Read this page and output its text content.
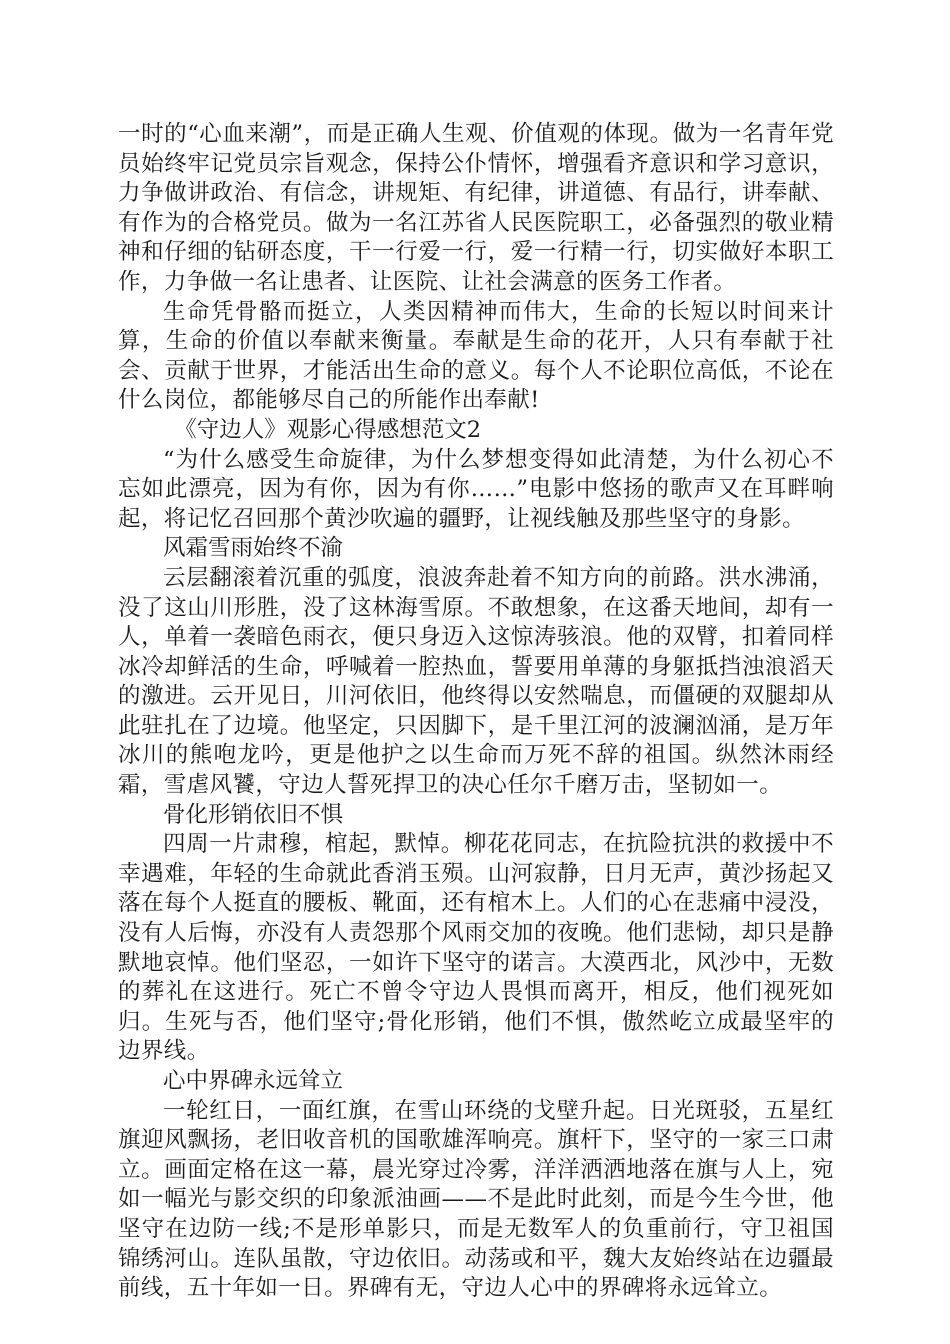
一时的“心血来潮”，而是正确人生观、价值观的体现。做为一名青年党员始终牢记党员宗旨观念，保持公仆情怀，增强看齐意识和学习意识，力争做讲政治、有信念，讲规矩、有纪律，讲道德、有品行，讲奉献、有作为的合格党员。做为一名江苏省人民医院职工，必备强烈的敬业精神和仔细的钻研态度，干一行爱一行，爱一行精一行，切实做好本职工作，力争做一名让患者、让医院、让社会满意的医务工作者。

生命凭骨骼而挺立，人类因精神而伟大，生命的长短以时间来计算，生命的价值以奉献来衡量。奉献是生命的花开，人只有奉献于社会、贡献于世界，才能活出生命的意义。每个人不论职位高低，不论在什么岗位，都能够尽自己的所能作出奉献!

《守边人》观影心得感想范文2

“为什么感受生命旋律，为什么梦想变得如此清楚，为什么初心不忘如此漂亮，因为有你，因为有你……”电影中悠扬的歌声又在耳畔响起，将记忆召回那个黄沙吹遍的疆野，让视线触及那些坚守的身影。

风霜雪雨始终不渝

云层翻滚着沉重的弧度，浪波奔赴着不知方向的前路。洪水沸涌，没了这山川形胜，没了这林海雪原。不敢想象，在这番天地间，却有一人，单着一袭暗色雨衣，便只身迈入这惊涛骇浪。他的双臂，扣着同样冰冷却鲜活的生命，呼喊着一腔热血，誓要用单薄的身躯抵挡浊浪滔天的激进。云开见日，川河依旧，他终得以安然喘息，而僵硬的双腿却从此驻扎在了边境。他坚定，只因脚下，是千里江河的波澜汹涌，是万年冰川的熊咆龙吟，更是他护之以生命而万死不辞的祖国。纵然沐雨经霜，雪虐风饕，守边人誓死捍卫的决心任尔千磨万击，坚韧如一。

骨化形销依旧不惧

四周一片肃穆，棺起，默悼。柳花花同志，在抗险抗洪的救援中不幸遇难，年轻的生命就此香消玉殒。山河寂静，日月无声，黄沙扬起又落在每个人挺直的腰板、靴面，还有棺木上。人们的心在悲痛中浸没，没有人后悔，亦没有人责怨那个风雨交加的夜晚。他们悲恸，却只是静默地哀悼。他们坚忍，一如许下坚守的诺言。大漠西北，风沙中，无数的葬礼在这进行。死亡不曾令守边人畏惧而离开，相反，他们视死如归。生死与否，他们坚守;骨化形销，他们不惧，傲然屹立成最坚牢的边界线。

心中界碑永远耸立

一轮红日，一面红旗，在雪山环绕的戈壁升起。日光斑驳，五星红旗迎风飘扬，老旧收音机的国歌雄浑响亮。旗杆下，坚守的一家三口肃立。画面定格在这一幕，晨光穿过冷雾，洋洋洒洒地落在旗与人上，宛如一幅光与影交织的印象派油画——不是此时此刻，而是今生今世，他坚守在边防一线;不是形单影只，而是无数军人的负重前行，守卫祖国锦绣河山。连队虽散，守边依旧。动荡或和平，魏大友始终站在边疆最前线，五十年如一日。界碑有无，守边人心中的界碑将永远耸立。
